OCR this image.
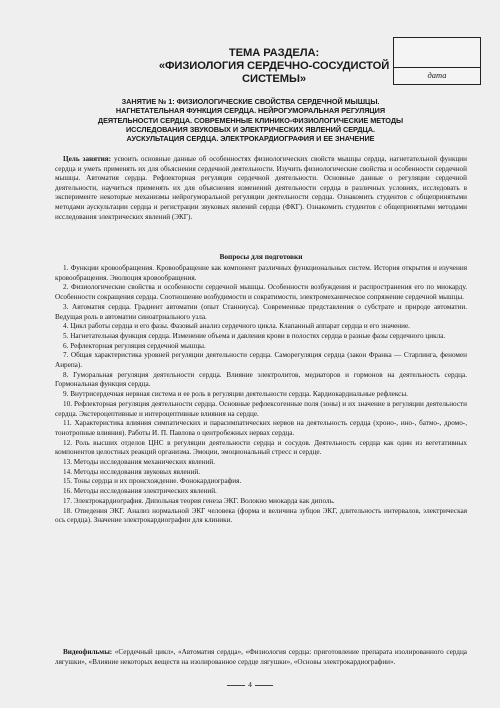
ТЕМА РАЗДЕЛА:
«ФИЗИОЛОГИЯ СЕРДЕЧНО-СОСУДИСТОЙ СИСТЕМЫ»	дата
ЗАНЯТИЕ № 1: ФИЗИОЛОГИЧЕСКИЕ СВОЙСТВА СЕРДЕЧНОЙ МЫШЦЫ.
НАГНЕТАТЕЛЬНАЯ ФУНКЦИЯ СЕРДЦА. НЕЙРОГУМОРАЛЬНАЯ РЕГУЛЯЦИЯ
ДЕЯТЕЛЬНОСТИ СЕРДЦА. СОВРЕМЕННЫЕ КЛИНИКО-ФИЗИОЛОГИЧЕСКИЕ МЕТОДЫ
ИССЛЕДОВАНИЯ ЗВУКОВЫХ И ЭЛЕКТРИЧЕСКИХ ЯВЛЕНИЙ СЕРДЦА.
АУСКУЛЬТАЦИЯ СЕРДЦА. ЭЛЕКТРОКАРДИОГРАФИЯ И ЕЕ ЗНАЧЕНИЕ
Цель занятия: усвоить основные данные об особенностях физиологических свойств мышцы сердца, нагнетательной функции сердца и уметь применять их для объяснения сердечной деятельности. Изучить физиологические свойства и особенности сердечной мышцы. Автоматия сердца. Рефлекторная регуляция сердечной деятельности. Основные данные о регуляции сердечной деятельности, научиться применять их для объяснения изменений деятельности сердца в различных условиях, исследовать в эксперименте некоторые механизмы нейрогуморальной регуляции деятельности сердца. Ознакомить студентов с общепринятыми методами аускультации сердца и регистрации звуковых явлений сердца (ФКГ). Ознакомить студентов с общепринятыми методами исследования электрических явлений (ЭКГ).
Вопросы для подготовки
1. Функции кровообращения. Кровообращение как компонент различных функциональных систем. История открытия и изучения кровообращения. Эволюция кровообращения.
2. Физиологические свойства и особенности сердечной мышцы. Особенности возбуждения и распространения его по миокарду. Особенности сокращения сердца. Соотношение возбудимости и сократимости, электромеханическое сопряжение сердечной мышцы.
3. Автоматия сердца. Градиент автоматии (опыт Станниуса). Современные представления о субстрате и природе автоматии. Ведущая роль в автоматии синоатриального узла.
4. Цикл работы сердца и его фазы. Фазовый анализ сердечного цикла. Клапанный аппарат сердца и его значение.
5. Нагнетательная функция сердца. Изменение объема и давления крови в полостях сердца в разные фазы сердечного цикла.
6. Рефлекторная регуляция сердечной мышцы.
7. Общая характеристика уровней регуляции деятельности сердца. Саморегуляция сердца (закон Франка — Старлинга, феномен Анрепа).
8. Гуморальная регуляция деятельности сердца. Влияние электролитов, медиаторов и гормонов на деятельность сердца. Гормональная функция сердца.
9. Внутрисердечная нервная система и ее роль в регуляции деятельности сердца. Кардиокардиальные рефлексы.
10. Рефлекторная регуляция деятельности сердца. Основные рефлексогенные поля (зоны) и их значение в регуляции деятельности сердца. Экстероцептивные и интероцептивные влияния на сердце.
11. Характеристика влияния симпатических и парасимпатических нервов на деятельность сердца (хроно-, ино-, батмо-, дромо-, тонотропные влияния). Работы И. П. Павлова о центробежных нервах сердца.
12. Роль высших отделов ЦНС в регуляции деятельности сердца и сосудов. Деятельность сердца как один из вегетативных компонентов целостных реакций организма. Эмоции, эмоциональный стресс и сердце.
13. Методы исследования механических явлений.
14. Методы исследования звуковых явлений.
15. Тоны сердца и их происхождение. Фонокардиография.
16. Методы исследования электрических явлений.
17. Электрокардиография. Дипольная теория генеза ЭКГ. Волокно миокарда как диполь.
18. Отведения ЭКГ. Анализ нормальной ЭКГ человека (форма и величина зубцов ЭКГ, длительность интервалов, электрическая ось сердца). Значение электрокардиографии для клиники.
Видеофильмы: «Сердечный цикл», «Автоматия сердца», «Физиология сердца: приготовление препарата изолированного сердца лягушки», «Влияние некоторых веществ на изолированное сердце лягушки», «Основы электрокардиографии».
4
